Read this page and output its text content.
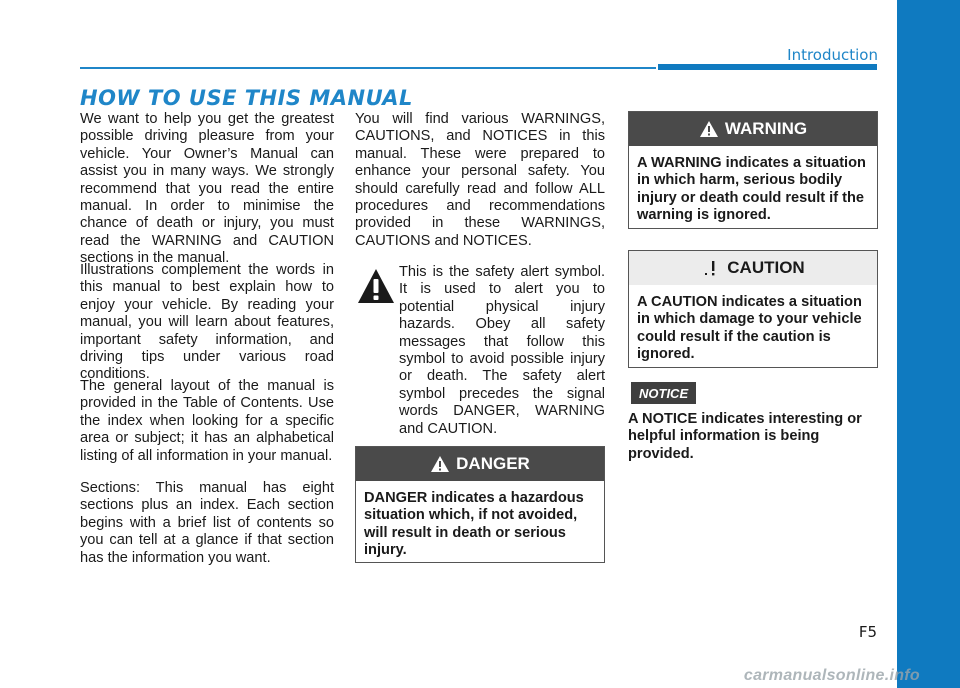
Introduction
HOW TO USE THIS MANUAL

We want to help you get the greatest possible driving pleasure from your vehicle. Your Owner’s Manual can assist you in many ways. We strongly recommend that you read the entire manual. In order to minimise the chance of death or injury, you must read the WARNING and CAUTION sections in the manual.

Illustrations complement the words in this manual to best explain how to enjoy your vehicle. By reading your manual, you will learn about features, important safety information, and driving tips under various road conditions.

The general layout of the manual is provided in the Table of Contents. Use the index when looking for a specific area or subject; it has an alphabetical listing of all information in your manual.

Sections: This manual has eight sections plus an index. Each section begins with a brief list of contents so you can tell at a glance if that section has the information you want.

You will find various WARNINGS, CAUTIONS, and NOTICES in this manual. These were prepared to enhance your personal safety. You should carefully read and follow ALL procedures and recommendations provided in these WARNINGS, CAUTIONS and NOTICES.

This is the safety alert symbol. It is used to alert you to potential physical injury hazards. Obey all safety messages that follow this symbol to avoid possible injury or death. The safety alert symbol precedes the signal words DANGER, WARNING and CAUTION.

DANGER
DANGER indicates a hazardous situation which, if not avoided, will result in death or serious injury.
WARNING
A WARNING indicates a situation in which harm, serious bodily injury or death could result if the warning is ignored.
CAUTION
A CAUTION indicates a situation in which damage to your vehicle could result if the caution is ignored.
NOTICE

A NOTICE indicates interesting or helpful information is being provided.

F5
carmanualsonline.info
